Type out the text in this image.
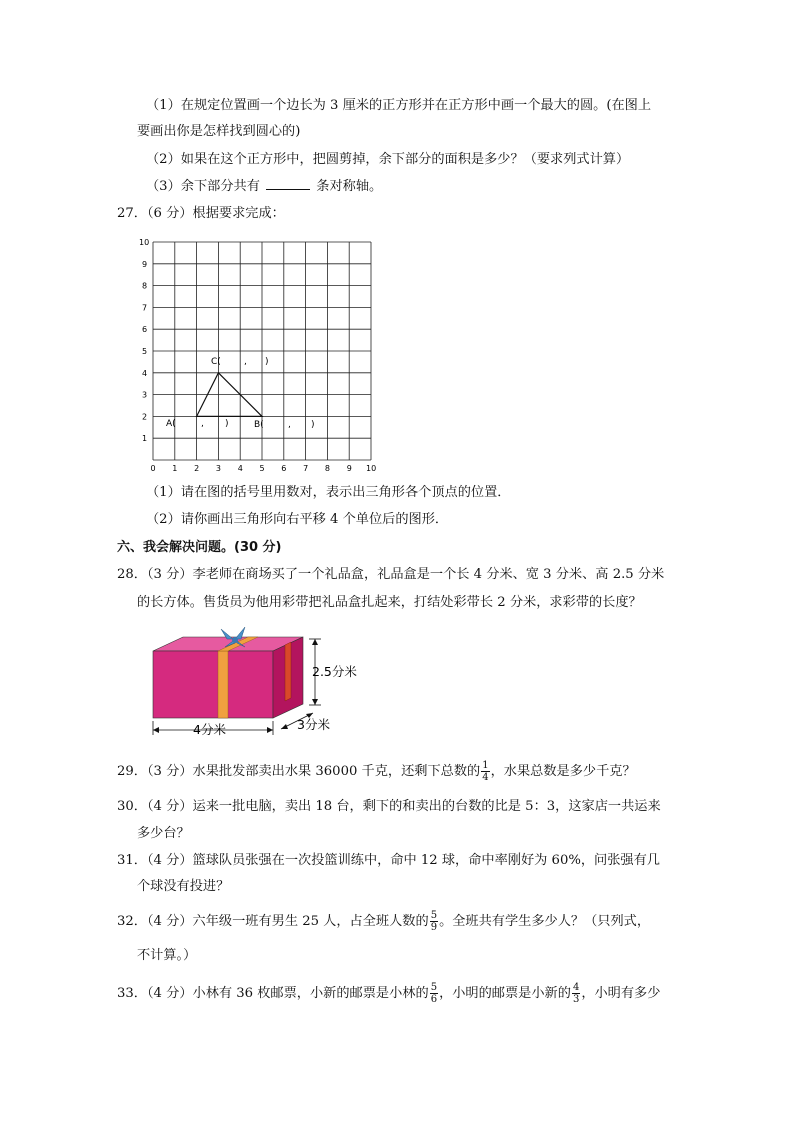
（1）在规定位置画一个边长为 3 厘米的正方形并在正方形中画一个最大的圆。(在图上
要画出你是怎样找到圆心的)
（2）如果在这个正方形中，把圆剪掉，余下部分的面积是多少？（要求列式计算）
（3）余下部分共有	条对称轴。
27．（6 分）根据要求完成：
0 1 2 3 4 5 6 7 8 9 10
1
2
3
4
5
6
7
8
9
10
C(	, )
A(	, )	B(	, )
（1）请在图的括号里用数对，表示出三角形各个顶点的位置．
（2）请你画出三角形向右平移 4 个单位后的图形．
六、我会解决问题。(30 分)
28．（3 分）李老师在商场买了一个礼品盒，礼品盒是一个长 4 分米、宽 3 分米、高 2.5 分米
的长方体。售货员为他用彩带把礼品盒扎起来，打结处彩带长 2 分米，求彩带的长度？
2.5分米
4分米	3分米
29．（3 分）水果批发部卖出水果 36000 千克，还剩下总数的 $\frac{1}{4}$ ，水果总数是多少千克？
30．（4 分）运来一批电脑，卖出 18 台，剩下的和卖出的台数的比是 5：3，这家店一共运来
多少台？
31．（4 分）篮球队员张强在一次投篮训练中，命中 12 球，命中率刚好为 60%，问张强有几
个球没有投进？
32．（4 分）六年级一班有男生 25 人，占全班人数的 $\frac{5}{9}$ 。全班共有学生多少人？（只列式，
不计算。）
33．（4 分）小林有 36 枚邮票，小新的邮票是小林的 $\frac{5}{6}$ ，小明的邮票是小新的 $\frac{4}{3}$ ，小明有多少
